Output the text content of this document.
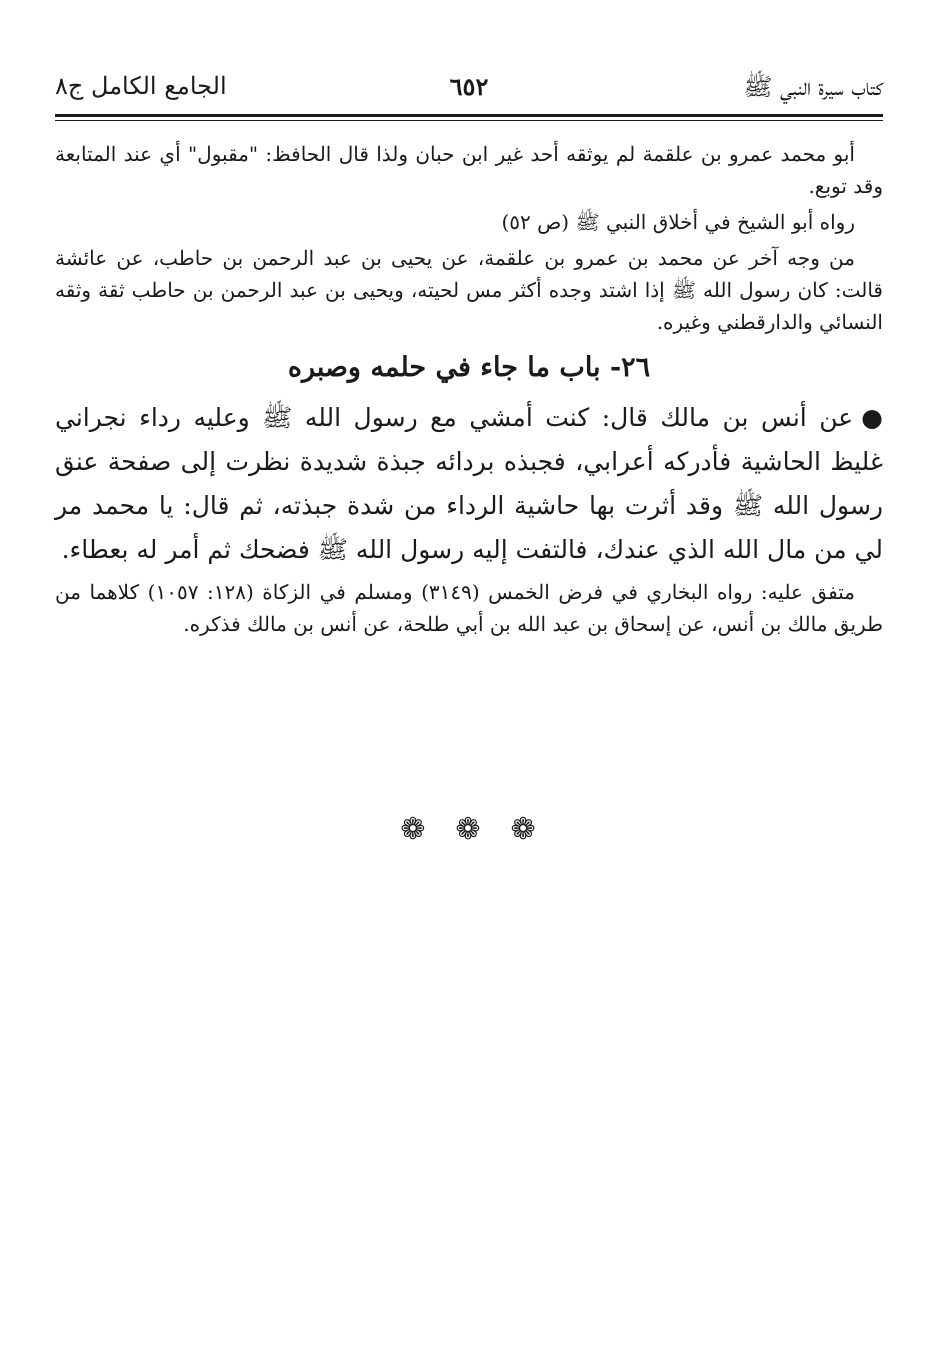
كتاب سيرة النبي ﷺ
٦٥٢
الجامع الكامل ج٨

أبو محمد عمرو بن علقمة لم يوثقه أحد غير ابن حبان ولذا قال الحافظ: "مقبول" أي عند المتابعة وقد توبع.

رواه أبو الشيخ في أخلاق النبي ﷺ (ص ٥٢)

من وجه آخر عن محمد بن عمرو بن علقمة، عن يحيى بن عبد الرحمن بن حاطب، عن عائشة قالت: كان رسول الله ﷺ إذا اشتد وجده أكثر مس لحيته، ويحيى بن عبد الرحمن بن حاطب ثقة وثقه النسائي والدارقطني وغيره.

٢٦- باب ما جاء في حلمه وصبره

●عن أنس بن مالك قال: كنت أمشي مع رسول الله ﷺ وعليه رداء نجراني غليظ الحاشية فأدركه أعرابي، فجبذه بردائه جبذة شديدة نظرت إلى صفحة عنق رسول الله ﷺ وقد أثرت بها حاشية الرداء من شدة جبذته، ثم قال: يا محمد مر لي من مال الله الذي عندك، فالتفت إليه رسول الله ﷺ فضحك ثم أمر له بعطاء.

متفق عليه: رواه البخاري في فرض الخمس (٣١٤٩) ومسلم في الزكاة (١٢٨: ١٠٥٧) كلاهما من طريق مالك بن أنس، عن إسحاق بن عبد الله بن أبي طلحة، عن أنس بن مالك فذكره.

❁❁❁
